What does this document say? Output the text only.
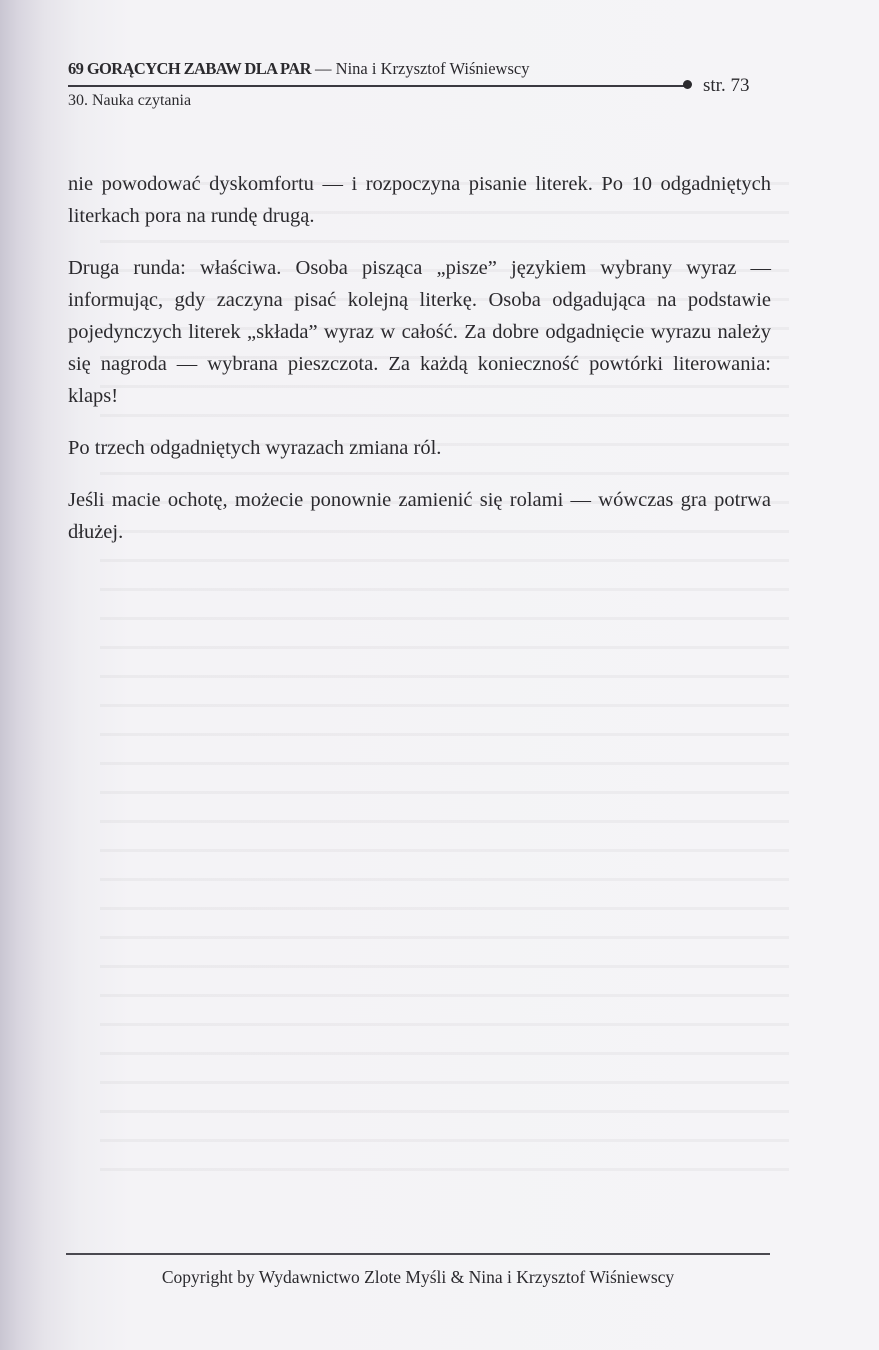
69 GORĄCYCH ZABAW DLA PAR — Nina i Krzysztof Wiśniewscy
str. 73
30. Nauka czytania

nie powodować dyskomfortu — i rozpoczyna pisanie literek. Po 10 odgadniętych literkach pora na rundę drugą.

Druga runda: właściwa. Osoba pisząca „pisze” językiem wybrany wyraz — informując, gdy zaczyna pisać kolejną literkę. Osoba odgadująca na podstawie pojedynczych literek „składa” wyraz w całość. Za dobre odgadnięcie wyrazu należy się nagroda — wybrana pieszczota. Za każdą konieczność powtórki literowania: klaps!

Po trzech odgadniętych wyrazach zmiana ról.

Jeśli macie ochotę, możecie ponownie zamienić się rolami — wówczas gra potrwa dłużej.

Copyright by Wydawnictwo Zlote Myśli & Nina i Krzysztof Wiśniewscy
